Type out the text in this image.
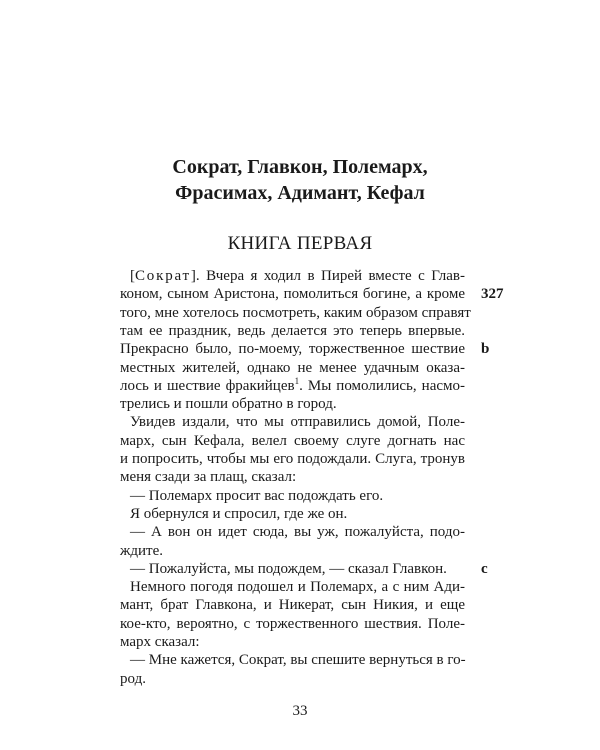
Сократ, Главкон, Полемарх,
Фрасимах, Адимант, Кефал
КНИГА ПЕРВАЯ
[Сократ]. Вчера я ходил в Пирей вместе с Глав-
коном, сыном Аристона, помолиться богине, а кроме
того, мне хотелось посмотреть, каким образом справят
там ее праздник, ведь делается это теперь впервые.
Прекрасно было, по-моему, торжественное шествие
местных жителей, однако не менее удачным оказа-
лось и шествие фракийцев$^1$. Мы помолились, насмо-
трелись и пошли обратно в город.
Увидев издали, что мы отправились домой, Поле-
марх, сын Кефала, велел своему слуге догнать нас
и попросить, чтобы мы его подождали. Слуга, тронув
меня сзади за плащ, сказал:
— Полемарх просит вас подождать его.
Я обернулся и спросил, где же он.
— А вон он идет сюда, вы уж, пожалуйста, подо-
ждите.
— Пожалуйста, мы подождем, — сказал Главкон.
Немного погодя подошел и Полемарх, а с ним Ади-
мант, брат Главкона, и Никерат, сын Никия, и еще
кое-кто, вероятно, с торжественного шествия. Поле-
марх сказал:
— Мне кажется, Сократ, вы спешите вернуться в го-
род.
327
b
c
33
